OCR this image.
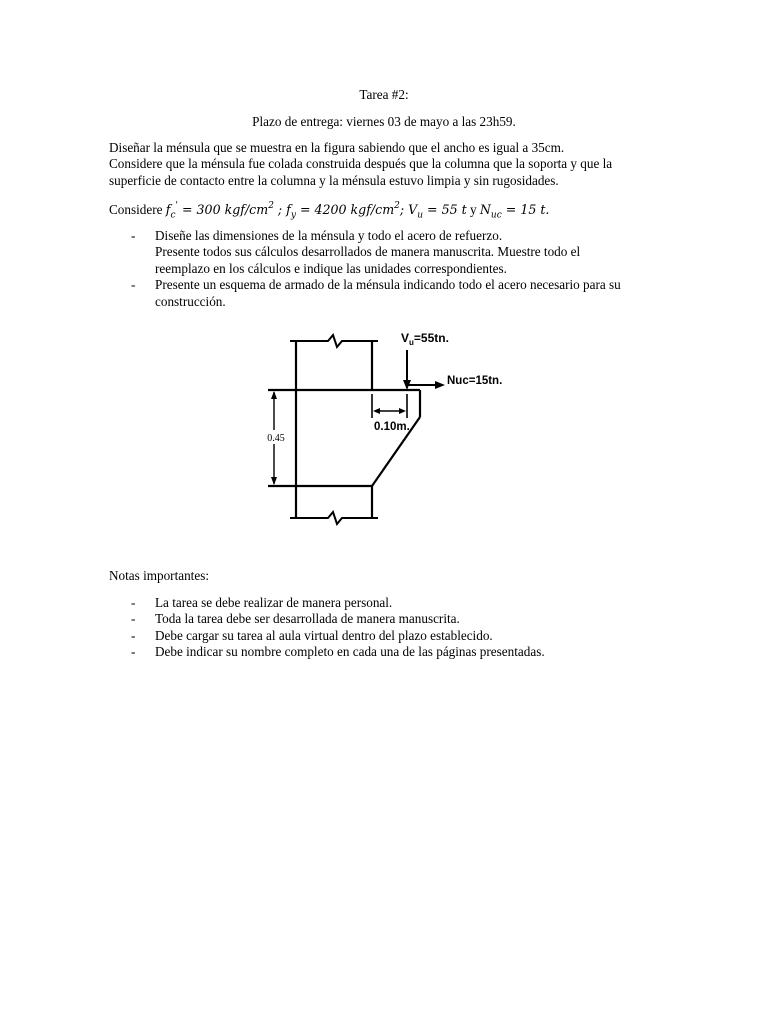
Tarea #2:
Plazo de entrega: viernes 03 de mayo a las 23h59.
Diseñar la ménsula que se muestra en la figura sabiendo que el ancho es igual a 35cm.
Considere que la ménsula fue colada construida después que la columna que la soporta y que la
superficie de contacto entre la columna y la ménsula estuvo limpia y sin rugosidades.
Considere $f_c' = 300$ kgf/$cm^2$ ; $f_y = 4200$ kgf/$cm^2$; $V_u = 55$ t y $N_{uc} = 15$ t.
- Diseñe las dimensiones de la ménsula y todo el acero de refuerzo.
Presente todos sus cálculos desarrollados de manera manuscrita. Muestre todo el
reemplazo en los cálculos e indique las unidades correspondientes.
- Presente un esquema de armado de la ménsula indicando todo el acero necesario para su
construcción.
0.45
$V_u=55tn$.
Nuc=15tn.
0.10m.
Notas importantes:
- La tarea se debe realizar de manera personal.
- Toda la tarea debe ser desarrollada de manera manuscrita.
- Debe cargar su tarea al aula virtual dentro del plazo establecido.
- Debe indicar su nombre completo en cada una de las páginas presentadas.
